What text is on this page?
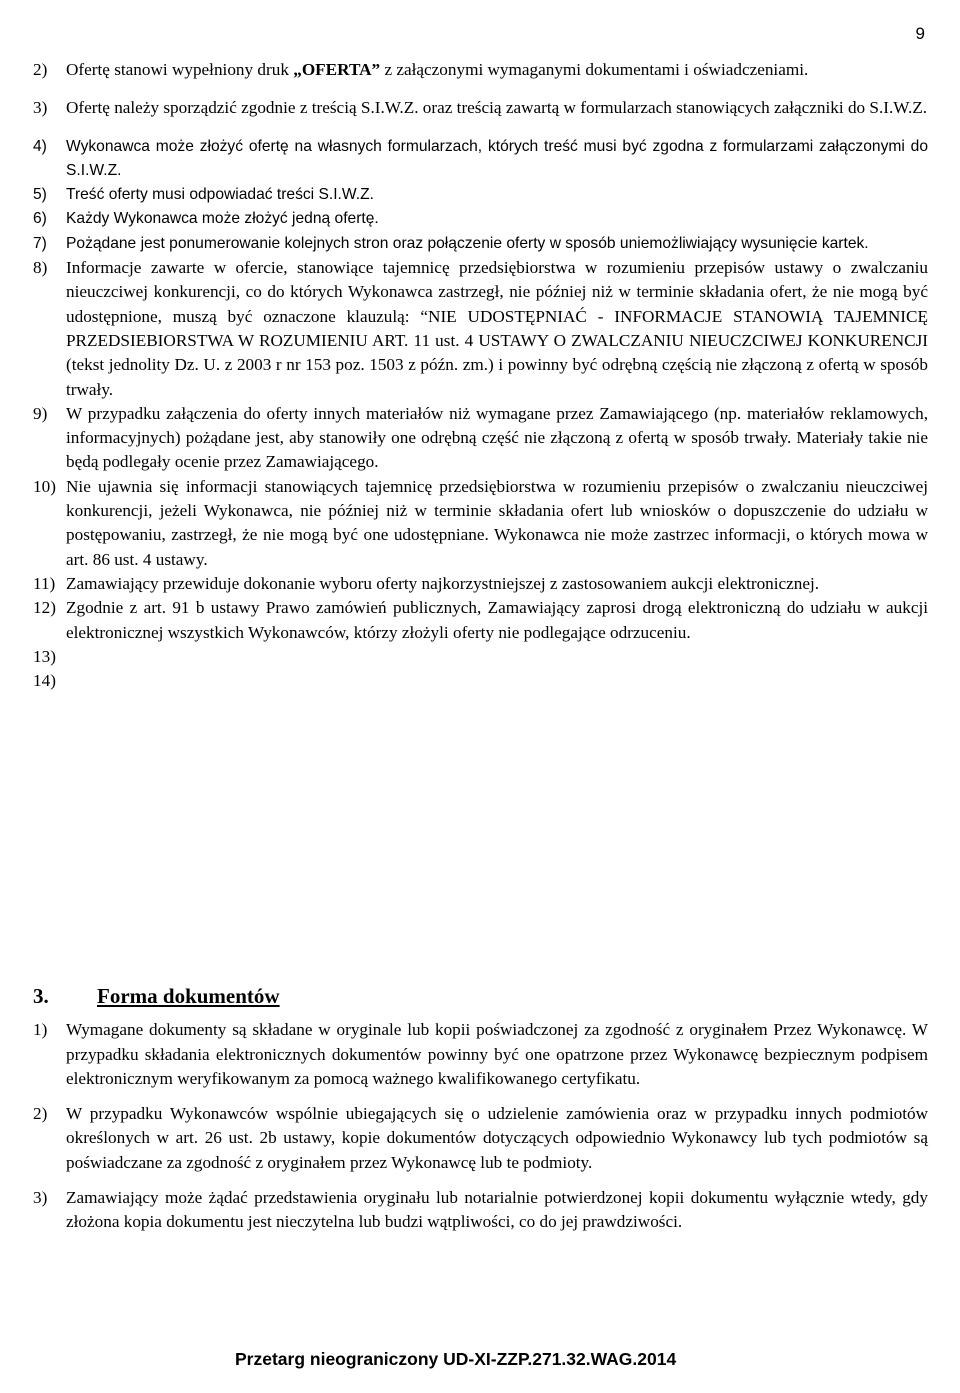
9
2)	Ofertę stanowi wypełniony druk „OFERTA” z załączonymi wymaganymi dokumentami i oświadczeniami.
3)	Ofertę należy sporządzić zgodnie z treścią S.I.W.Z. oraz treścią zawartą w formularzach stanowiących załączniki do S.I.W.Z.
4)	Wykonawca może złożyć ofertę na własnych formularzach, których treść musi być zgodna z formularzami załączonymi do S.I.W.Z.
5)	Treść oferty musi odpowiadać treści S.I.W.Z.
6)	Każdy Wykonawca może złożyć jedną ofertę.
7)	Pożądane jest ponumerowanie kolejnych stron oraz połączenie oferty w sposób uniemożliwiający wysunięcie kartek.
8)	Informacje zawarte w ofercie, stanowiące tajemnicę przedsiębiorstwa w rozumieniu przepisów ustawy o zwalczaniu nieuczciwej konkurencji, co do których Wykonawca zastrzegł, nie później niż w terminie składania ofert, że nie mogą być udostępnione, muszą być oznaczone klauzulą: “NIE UDOSTĘPNIAĆ - INFORMACJE STANOWIĄ TAJEMNICĘ PRZEDSIEBIORSTWA W ROZUMIENIU ART. 11 ust. 4 USTAWY O ZWALCZANIU NIEUCZCIWEJ KONKURENCJI (tekst jednolity Dz. U. z 2003 r nr 153 poz. 1503 z późn. zm.) i powinny być odrębną częścią nie złączoną z ofertą w sposób trwały.
9)	W przypadku załączenia do oferty innych materiałów niż wymagane przez Zamawiającego (np. materiałów reklamowych, informacyjnych) pożądane jest, aby stanowiły one odrębną część nie złączoną z ofertą w sposób trwały. Materiały takie nie będą podlegały ocenie przez Zamawiającego.
10) Nie ujawnia się informacji stanowiących tajemnicę przedsiębiorstwa w rozumieniu przepisów o zwalczaniu nieuczciwej konkurencji, jeżeli Wykonawca, nie później niż w terminie składania ofert lub wniosków o dopuszczenie do udziału w postępowaniu, zastrzegł, że nie mogą być one udostępniane. Wykonawca nie może zastrzec informacji, o których mowa w art. 86 ust. 4 ustawy.
11) Zamawiający przewiduje dokonanie wyboru oferty najkorzystniejszej z zastosowaniem aukcji elektronicznej.
12) Zgodnie z art. 91 b ustawy Prawo zamówień publicznych, Zamawiający zaprosi drogą elektroniczną do udziału w aukcji elektronicznej wszystkich Wykonawców, którzy złożyli oferty nie podlegające odrzuceniu.
13)
14)
3.	Forma dokumentów
1)	Wymagane dokumenty są składane w oryginale lub kopii poświadczonej za zgodność z oryginałem Przez Wykonawcę. W przypadku składania elektronicznych dokumentów powinny być one opatrzone przez Wykonawcę bezpiecznym podpisem elektronicznym weryfikowanym za pomocą ważnego kwalifikowanego certyfikatu.
2)	W przypadku Wykonawców wspólnie ubiegających się o udzielenie zamówienia oraz w przypadku innych podmiotów określonych w art. 26 ust. 2b ustawy, kopie dokumentów dotyczących odpowiednio Wykonawcy lub tych podmiotów są poświadczane za zgodność z oryginałem przez Wykonawcę lub te podmioty.
3)	Zamawiający może żądać przedstawienia oryginału lub notarialnie potwierdzonej kopii dokumentu wyłącznie wtedy, gdy złożona kopia dokumentu jest nieczytelna lub budzi wątpliwości, co do jej prawdziwości.
Przetarg nieograniczony UD-XI-ZZP.271.32.WAG.2014
